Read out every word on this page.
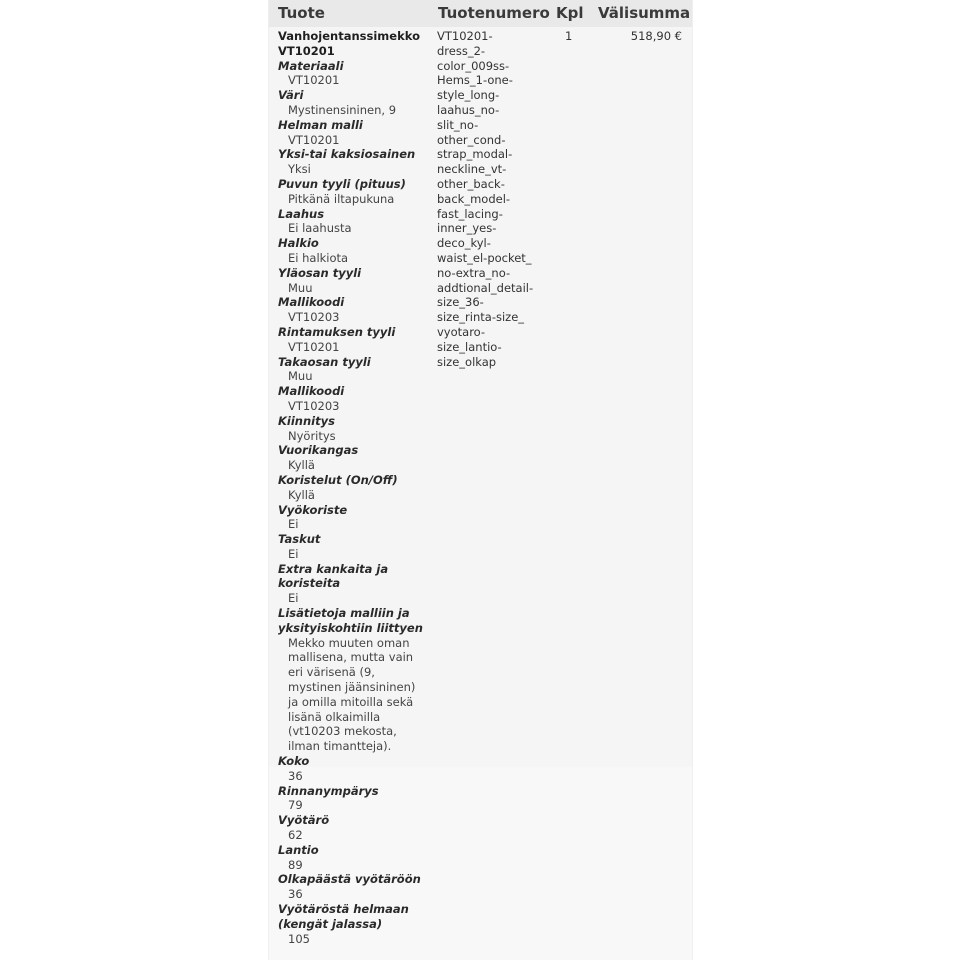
Tuote	Tuotenumero Kpl Välisumma
Vanhojentanssimekko
VT10201
Materiaali
VT10201
Väri
Mystinensininen, 9
Helman malli
VT10201
Yksi-tai kaksiosainen
Yksi
Puvun tyyli (pituus)
Pitkänä iltapukuna
Laahus
Ei laahusta
Halkio
Ei halkiota
Yläosan tyyli
Muu
Mallikoodi
VT10203
Rintamuksen tyyli
VT10201
Takaosan tyyli
Muu
Mallikoodi
VT10203
Kiinnitys
Nyöritys
Vuorikangas
Kyllä
Koristelut (On/Off)
Kyllä
Vyökoriste
Ei
Taskut
Ei
Extra kankaita ja koristeita
Ei
Lisätietoja malliin ja yksityiskohtiin liittyen
Mekko muuten oman mallisena, mutta vain eri värisenä (9, mystinen jäänsininen) ja omilla mitoilla sekä lisänä olkaimilla (vt10203 mekosta, ilman timantteja).
Koko
36
Rinnanympärys
79
Vyötärö
62
Lantio
89
Olkapäästä vyötäröön
36
Vyötäröstä helmaan (kengät jalassa)
105
VT10201-
dress_2-
color_009ss-
Hems_1-one-
style_long-
laahus_no-
slit_no-
other_cond-
strap_modal-
neckline_vt-
other_back-
back_model-
fast_lacing-
inner_yes-
deco_kyl-
waist_el-pocket_
no-extra_no-
addtional_detail-
size_36-
size_rinta-size_
vyotaro-
size_lantio-
size_olkap
1	518,90 €
